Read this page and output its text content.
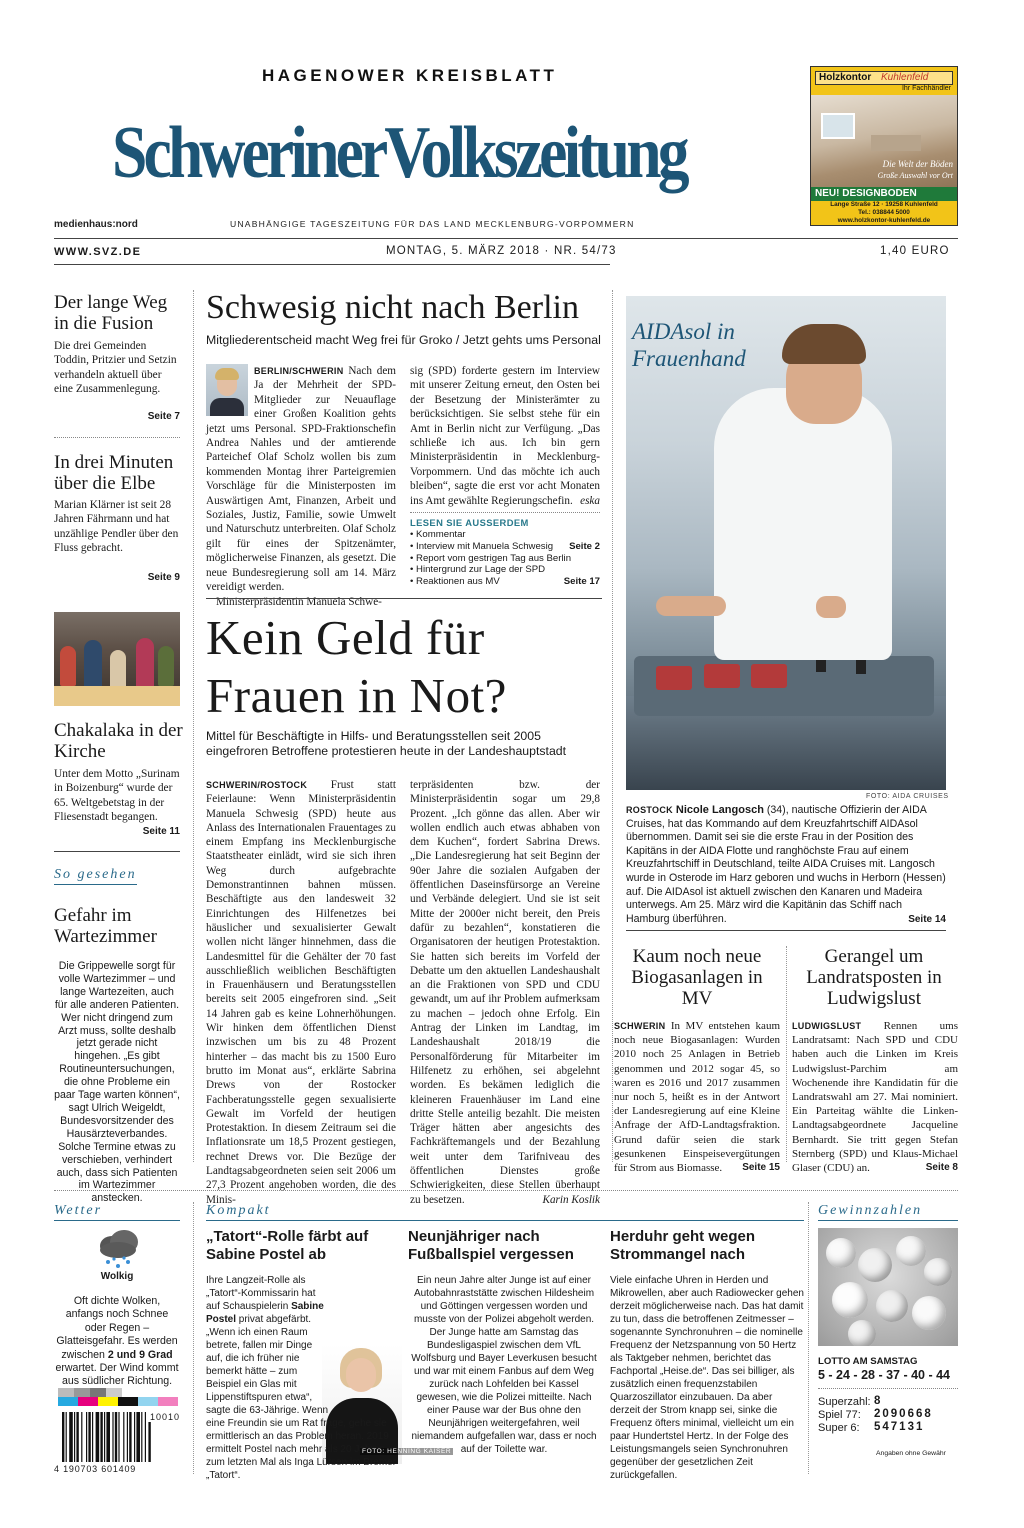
HAGENOWER KREISBLATT
SchwerinerVolkszeitung
medienhaus:nord	UNABHÄNGIGE TAGESZEITUNG FÜR DAS LAND MECKLENBURG-VORPOMMERN
WWW.SVZ.DE	MONTAG, 5. MÄRZ 2018 · NR. 54/73	1,40 EURO
Holzkontor Kuhlenfeld
Ihr Fachhändler
Die Welt der Böden
Große Auswahl vor Ort
NEU! DESIGNBODEN
Lange Straße 12 · 19258 Kuhlenfeld
Tel.: 038844 5000
www.holzkontor-kuhlenfeld.de
Der lange Weg in die Fusion
Die drei Gemeinden Toddin, Pritzier und Setzin verhandeln aktuell über eine Zusammenlegung.
Seite 7
In drei Minuten über die Elbe
Marian Klärner ist seit 28 Jahren Fährmann und hat unzählige Pendler über den Fluss gebracht.
Seite 9
Chakalaka in der Kirche
Unter dem Motto „Surinam in Boizenburg“ wurde der 65. Weltgebetstag in der Fliesenstadt begangen.
Seite 11
So gesehen
Gefahr im Wartezimmer
Die Grippewelle sorgt für volle Wartezimmer – und lange Wartezeiten, auch für alle anderen Patienten. Wer nicht dringend zum Arzt muss, sollte deshalb jetzt gerade nicht hingehen. „Es gibt Routineuntersuchungen, die ohne Probleme ein paar Tage warten können“, sagt Ulrich Weigeldt, Bundesvorsitzender des Hausärzteverbandes. Solche Termine etwas zu verschieben, verhindert auch, dass sich Patienten im Wartezimmer anstecken.
Schwesig nicht nach Berlin
Mitgliederentscheid macht Weg frei für Groko / Jetzt gehts ums Personal
BERLIN/SCHWERIN Nach dem Ja der Mehrheit der SPD-Mitglieder zur Neuauflage einer Großen Koalition gehts jetzt ums Personal. SPD-Fraktionschefin Andrea Nahles und der amtierende Parteichef Olaf Scholz wollen bis zum kommenden Montag ihrer Parteigremien Vorschläge für die Ministerposten im Auswärtigen Amt, Finanzen, Arbeit und Soziales, Justiz, Familie, sowie Umwelt und Naturschutz unterbreiten. Olaf Scholz gilt für eines der Spitzenämter, möglicherweise Finanzen, als gesetzt. Die neue Bundesregierung soll am 14. März vereidigt werden.
Ministerpräsidentin Manuela Schwe-
sig (SPD) forderte gestern im Interview mit unserer Zeitung erneut, den Osten bei der Besetzung der Ministerämter zu berücksichtigen. Sie selbst stehe für ein Amt in Berlin nicht zur Verfügung. „Das schließe ich aus. Ich bin gern Ministerpräsidentin in Mecklenburg-Vorpommern. Und das möchte ich auch bleiben“, sagte die erst vor acht Monaten ins Amt gewählte Regierungschefin. eska
LESEN SIE AUSSERDEM
• Kommentar
• Interview mit Manuela Schwesig Seite 2
• Report vom gestrigen Tag aus Berlin
• Hintergrund zur Lage der SPD
• Reaktionen aus MV	Seite 17
Kein Geld für
Frauen in Not?
Mittel für Beschäftigte in Hilfs- und Beratungsstellen seit 2005 eingefroren Betroffene protestieren heute in der Landeshauptstadt
SCHWERIN/ROSTOCK Frust statt Feierlaune: Wenn Ministerpräsidentin Manuela Schwesig (SPD) heute aus Anlass des Internationalen Frauentages zu einem Empfang ins Mecklenburgische Staatstheater einlädt, wird sie sich ihren Weg durch aufgebrachte Demonstrantinnen bahnen müssen. Beschäftigte aus den landesweit 32 Einrichtungen des Hilfenetzes bei häuslicher und sexualisierter Gewalt wollen nicht länger hinnehmen, dass die Landesmittel für die Gehälter der 70 fast ausschließlich weiblichen Beschäftigten in Frauenhäusern und Beratungsstellen bereits seit 2005 eingefroren sind. „Seit 14 Jahren gab es keine Lohnerhöhungen. Wir hinken dem öffentlichen Dienst inzwischen um bis zu 48 Prozent hinterher – das macht bis zu 1500 Euro brutto im Monat aus“, erklärte Sabrina Drews von der Rostocker Fachberatungsstelle gegen sexualisierte Gewalt im Vorfeld der heutigen Protestaktion. In diesem Zeitraum sei die Inflationsrate um 18,5 Prozent gestiegen, rechnet Drews vor. Die Bezüge der Landtagsabgeordneten seien seit 2006 um 27,3 Prozent angehoben worden, die des Minis-
terpräsidenten bzw. der Ministerpräsidentin sogar um 29,8 Prozent. „Ich gönne das allen. Aber wir wollen endlich auch etwas abhaben von dem Kuchen“, fordert Sabrina Drews. „Die Landesregierung hat seit Beginn der 90er Jahre die sozialen Aufgaben der öffentlichen Daseinsfürsorge an Vereine und Verbände delegiert. Und sie ist seit Mitte der 2000er nicht bereit, den Preis dafür zu bezahlen“, konstatieren die Organisatoren der heutigen Protestaktion. Sie hatten sich bereits im Vorfeld der Debatte um den aktuellen Landeshaushalt an die Fraktionen von SPD und CDU gewandt, um auf ihr Problem aufmerksam zu machen – jedoch ohne Erfolg. Ein Antrag der Linken im Landtag, im Landeshaushalt 2018/19 die Personalförderung für Mitarbeiter im Hilfenetz zu erhöhen, sei abgelehnt worden. Es bekämen lediglich die kleineren Frauenhäuser im Land eine dritte Stelle anteilig bezahlt. Die meisten Träger hätten aber angesichts des Fachkräftemangels und der Bezahlung weit unter dem Tarifniveau des öffentlichen Dienstes große Schwierigkeiten, diese Stellen überhaupt zu besetzen.	Karin Koslik
AIDAsol in
Frauenhand
FOTO: AIDA CRUISES
ROSTOCK Nicole Langosch (34), nautische Offizierin der AIDA Cruises, hat das Kommando auf dem Kreuzfahrtschiff AIDAsol übernommen. Damit sei sie die erste Frau in der Position des Kapitäns in der AIDA Flotte und ranghöchste Frau auf einem Kreuzfahrtschiff in Deutschland, teilte AIDA Cruises mit. Langosch wurde in Osterode im Harz geboren und wuchs in Herborn (Hessen) auf. Die AIDAsol ist aktuell zwischen den Kanaren und Madeira unterwegs. Am 25. März wird die Kapitänin das Schiff nach Hamburg überführen.	Seite 14
Kaum noch neue Biogasanlagen in MV
SCHWERIN In MV entstehen kaum noch neue Biogasanlagen: Wurden 2010 noch 25 Anlagen in Betrieb genommen und 2012 sogar 45, so waren es 2016 und 2017 zusammen nur noch 5, heißt es in der Antwort der Landesregierung auf eine Kleine Anfrage der AfD-Landtagsfraktion. Grund dafür seien die stark gesunkenen Einspeisevergütungen für Strom aus Biomasse. Seite 15
Gerangel um Landratsposten in Ludwigslust
LUDWIGSLUST Rennen ums Landratsamt: Nach SPD und CDU haben auch die Linken im Kreis Ludwigslust-Parchim am Wochenende ihre Kandidatin für die Landratswahl am 27. Mai nominiert. Ein Parteitag wählte die Linken-Landtagsabgeordnete Jacqueline Bernhardt. Sie tritt gegen Stefan Sternberg (SPD) und Klaus-Michael Glaser (CDU) an.	Seite 8
Wetter
Wolkig
Oft dichte Wolken, anfangs noch Schnee oder Regen – Glatteisgefahr. Es werden zwischen 2 und 9 Grad erwartet. Der Wind kommt aus südlicher Richtung.
10010
4 190703 601409
Kompakt
„Tatort“-Rolle färbt auf Sabine Postel ab
Ihre Langzeit-Rolle als „Tatort“-Kommissarin hat auf Schauspielerin Sabine Postel privat abgefärbt. „Wenn ich einen Raum betrete, fallen mir Dinge auf, die ich früher nie bemerkt hätte – zum Beispiel ein Glas mit Lippenstiftspuren etwa“, sagte die 63-Jährige. Wenn eine Freundin sie um Rat frage, gehe sie ermittlerisch an das Problem heran. 2019 ermittelt Postel nach mehr als 20 Jahren zum letzten Mal als Inga Lürsen im Bremer „Tatort“.
FOTO: HENNING KAISER
Neunjähriger nach Fußballspiel vergessen
Ein neun Jahre alter Junge ist auf einer Autobahnraststätte zwischen Hildesheim und Göttingen vergessen worden und musste von der Polizei abgeholt werden. Der Junge hatte am Samstag das Bundesligaspiel zwischen dem VfL Wolfsburg und Bayer Leverkusen besucht und war mit einem Fanbus auf dem Weg zurück nach Lohfelden bei Kassel gewesen, wie die Polizei mitteilte. Nach einer Pause war der Bus ohne den Neunjährigen weitergefahren, weil niemandem aufgefallen war, dass er noch auf der Toilette war.
Herduhr geht wegen Strommangel nach
Viele einfache Uhren in Herden und Mikrowellen, aber auch Radiowecker gehen derzeit möglicherweise nach. Das hat damit zu tun, dass die betroffenen Zeitmesser – sogenannte Synchronuhren – die nominelle Frequenz der Netzspannung von 50 Hertz als Taktgeber nehmen, berichtet das Fachportal „Heise.de“. Das sei billiger, als zusätzlich einen frequenzstabilen Quarzoszillator einzubauen. Da aber derzeit der Strom knapp sei, sinke die Frequenz öfters minimal, vielleicht um ein paar Hundertstel Hertz. In der Folge des Leistungsmangels seien Synchronuhren gegenüber der gesetzlichen Zeit zurückgefallen.
Gewinnzahlen
LOTTO AM SAMSTAG
5 - 24 - 28 - 37 - 40 - 44
Superzahl: 8
Spiel 77: 2090668
Super 6: 547131
Angaben ohne Gewähr
